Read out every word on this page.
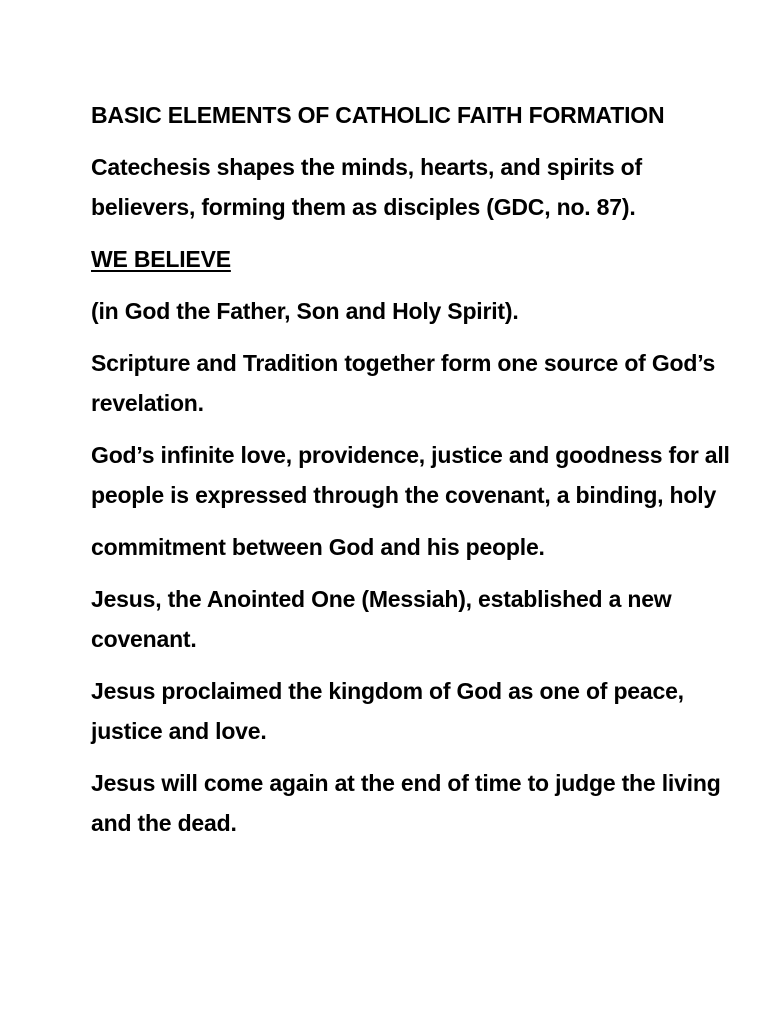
BASIC ELEMENTS OF CATHOLIC FAITH FORMATION

Catechesis shapes the minds, hearts, and spirits of believers, forming them as disciples (GDC, no. 87).

WE BELIEVE

(in God the Father, Son and Holy Spirit).

Scripture and Tradition together form one source of God’s revelation.

God’s infinite love, providence, justice and goodness for all people is expressed through the covenant, a binding, holy

commitment between God and his people.

Jesus, the Anointed One (Messiah), established a new covenant.

Jesus proclaimed the kingdom of God as one of peace, justice and love.

Jesus will come again at the end of time to judge the living and the dead.
